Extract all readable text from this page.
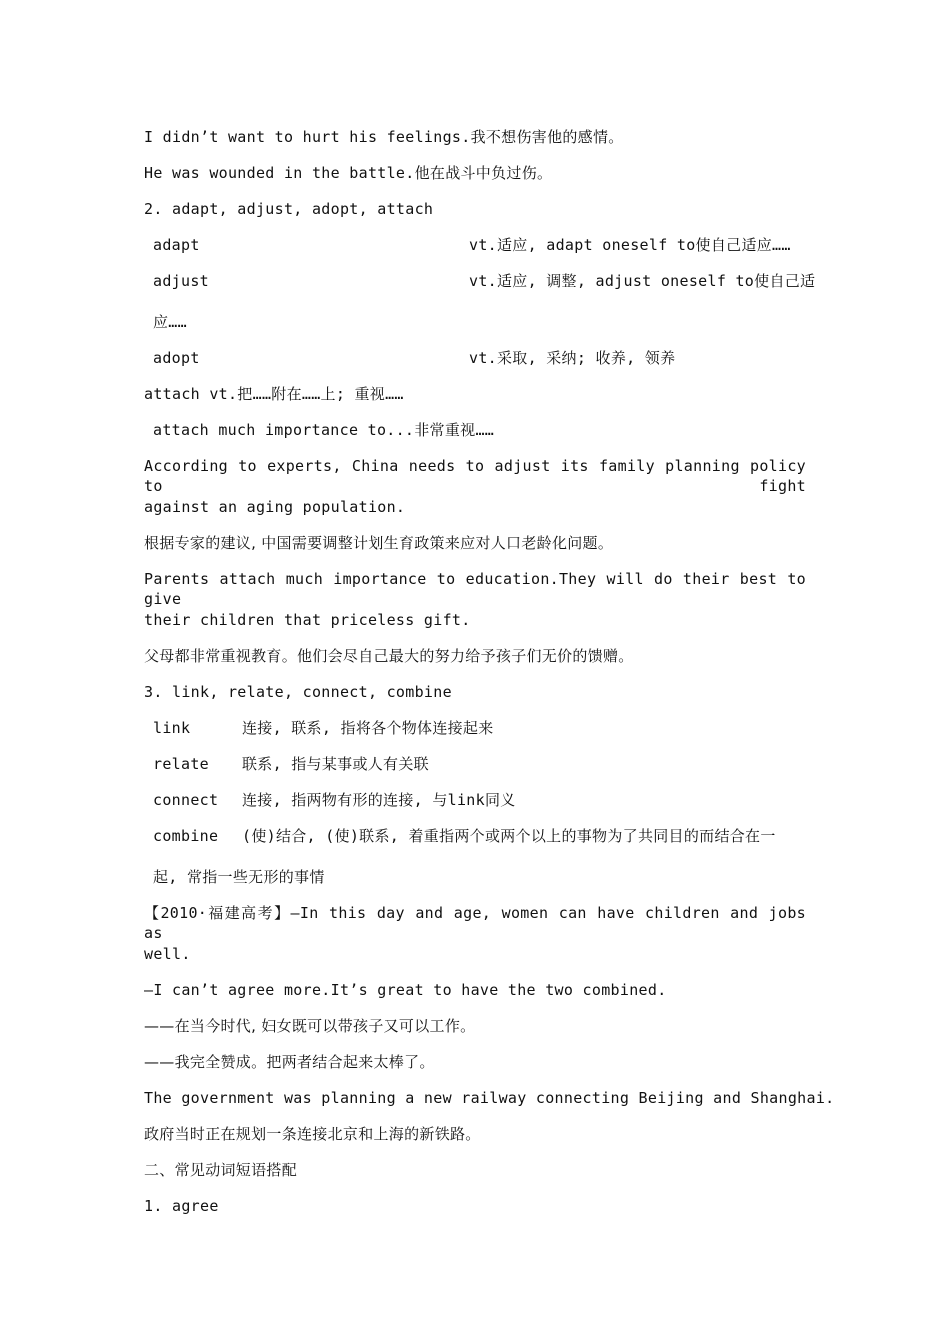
I didn’t want to hurt his feelings.我不想伤害他的感情。
He was wounded in the battle.他在战斗中负过伤。
2. adapt, adjust, adopt, attach
adapt	vt.适应, adapt oneself to使自己适应……
adjust	vt.适应, 调整, adjust oneself to使自己适
应……
adopt	vt.采取, 采纳; 收养, 领养
attach vt.把……附在……上; 重视……
attach much importance to...非常重视……
According to experts, China needs to adjust its family planning policy to fight
against an aging population.
根据专家的建议, 中国需要调整计划生育政策来应对人口老龄化问题。
Parents attach much importance to education.They will do their best to give
their children that priceless gift.
父母都非常重视教育。他们会尽自己最大的努力给予孩子们无价的馈赠。
3. link, relate, connect, combine
link	连接, 联系, 指将各个物体连接起来
relate 联系, 指与某事或人有关联
connect 连接, 指两物有形的连接, 与link同义
combine (使)结合, (使)联系, 着重指两个或两个以上的事物为了共同目的而结合在一
起, 常指一些无形的事情
【2010·福建高考】—In this day and age, women can have children and jobs as
well.
—I can’t agree more.It’s great to have the two combined.
——在当今时代, 妇女既可以带孩子又可以工作。
——我完全赞成。把两者结合起来太棒了。
The government was planning a new railway connecting Beijing and Shanghai.
政府当时正在规划一条连接北京和上海的新铁路。
二、常见动词短语搭配
1. agree
